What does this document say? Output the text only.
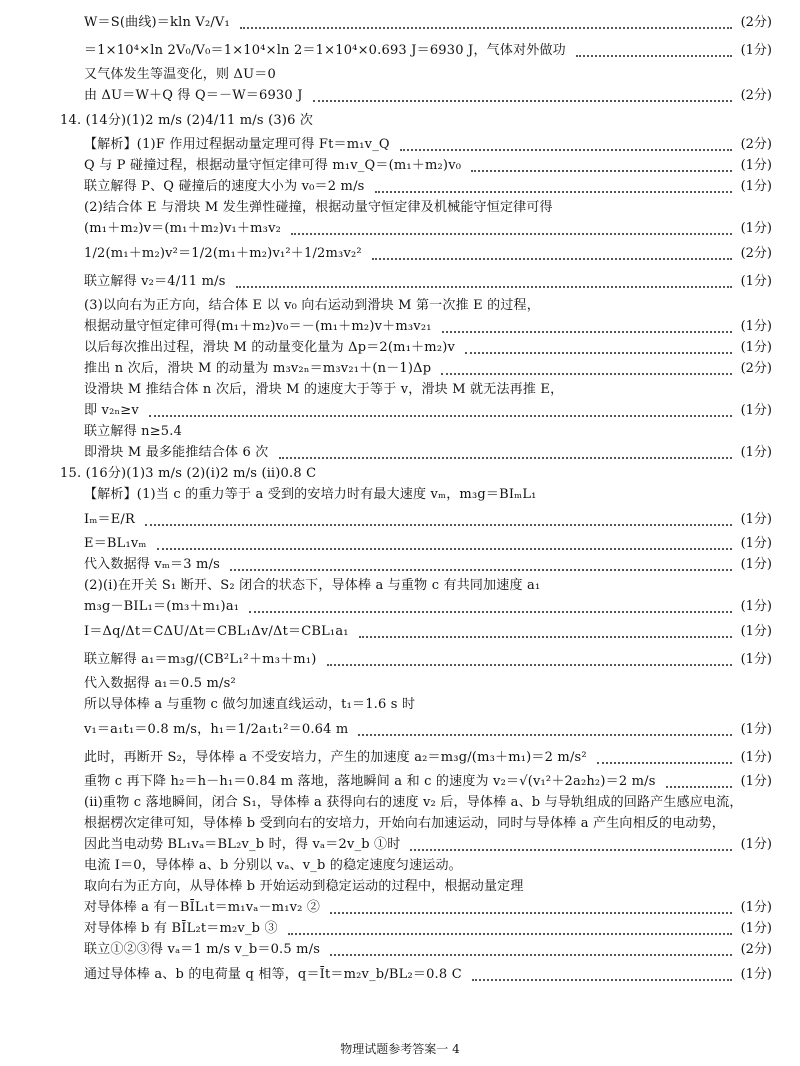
W＝S(曲线)＝kln V₂/V₁	(2分)
＝1×10⁴×ln 2V₀/V₀＝1×10⁴×ln 2＝1×10⁴×0.693 J＝6930 J，气体对外做功	(1分)
又气体发生等温变化，则 ΔU＝0
由 ΔU＝W＋Q 得 Q＝－W＝6930 J	(2分)
14. (14分)(1)2 m/s (2)4/11 m/s (3)6 次
【解析】(1)F 作用过程据动量定理可得 Ft＝m₁v_Q	(2分)
Q 与 P 碰撞过程，根据动量守恒定律可得 m₁v_Q＝(m₁＋m₂)v₀	(1分)
联立解得 P、Q 碰撞后的速度大小为 v₀＝2 m/s	(1分)
(2)结合体 E 与滑块 M 发生弹性碰撞，根据动量守恒定律及机械能守恒定律可得
(m₁＋m₂)v＝(m₁＋m₂)v₁＋m₃v₂	(1分)
1/2(m₁＋m₂)v²＝1/2(m₁＋m₂)v₁²＋1/2m₃v₂²	(2分)
联立解得 v₂＝4/11 m/s	(1分)
(3)以向右为正方向，结合体 E 以 v₀ 向右运动到滑块 M 第一次推 E 的过程，
根据动量守恒定律可得(m₁＋m₂)v₀＝－(m₁＋m₂)v＋m₃v₂₁	(1分)
以后每次推出过程，滑块 M 的动量变化量为 Δp＝2(m₁＋m₂)v	(1分)
推出 n 次后，滑块 M 的动量为 m₃v₂ₙ＝m₃v₂₁＋(n－1)Δp	(2分)
设滑块 M 推结合体 n 次后，滑块 M 的速度大于等于 v，滑块 M 就无法再推 E，
即 v₂ₙ≥v	(1分)
联立解得 n≥5.4
即滑块 M 最多能推结合体 6 次	(1分)
15. (16分)(1)3 m/s (2)(ⅰ)2 m/s (ⅱ)0.8 C
【解析】(1)当 c 的重力等于 a 受到的安培力时有最大速度 vₘ，m₃g＝BIₘL₁
Iₘ＝E/R	(1分)
E＝BL₁vₘ	(1分)
代入数据得 vₘ＝3 m/s	(1分)
(2)(ⅰ)在开关 S₁ 断开、S₂ 闭合的状态下，导体棒 a 与重物 c 有共同加速度 a₁
m₃g－BIL₁＝(m₃＋m₁)a₁	(1分)
I＝Δq/Δt＝CΔU/Δt＝CBL₁Δv/Δt＝CBL₁a₁	(1分)
联立解得 a₁＝m₃g/(CB²L₁²＋m₃＋m₁)	(1分)
代入数据得 a₁＝0.5 m/s²
所以导体棒 a 与重物 c 做匀加速直线运动，t₁＝1.6 s 时
v₁＝a₁t₁＝0.8 m/s，h₁＝1/2a₁t₁²＝0.64 m	(1分)
此时，再断开 S₂，导体棒 a 不受安培力，产生的加速度 a₂＝m₃g/(m₃＋m₁)＝2 m/s²	(1分)
重物 c 再下降 h₂＝h－h₁＝0.84 m 落地，落地瞬间 a 和 c 的速度为 v₂＝√(v₁²＋2a₂h₂)＝2 m/s	(1分)
(ⅱ)重物 c 落地瞬间，闭合 S₁，导体棒 a 获得向右的速度 v₂ 后，导体棒 a、b 与导轨组成的回路产生感应电流，
根据楞次定律可知，导体棒 b 受到向右的安培力，开始向右加速运动，同时与导体棒 a 产生向相反的电动势，
因此当电动势 BL₁vₐ＝BL₂v_b 时，得 vₐ＝2v_b ①时	(1分)
电流 I＝0，导体棒 a、b 分别以 vₐ、v_b 的稳定速度匀速运动。
取向右为正方向，从导体棒 b 开始运动到稳定运动的过程中，根据动量定理
对导体棒 a 有－BĪL₁t＝m₁vₐ－m₁v₂ ②	(1分)
对导体棒 b 有 BĪL₂t＝m₂v_b ③	(1分)
联立①②③得 vₐ＝1 m/s v_b＝0.5 m/s	(2分)
通过导体棒 a、b 的电荷量 q 相等，q＝Īt＝m₂v_b/BL₂＝0.8 C	(1分)
物理试题参考答案一 4
